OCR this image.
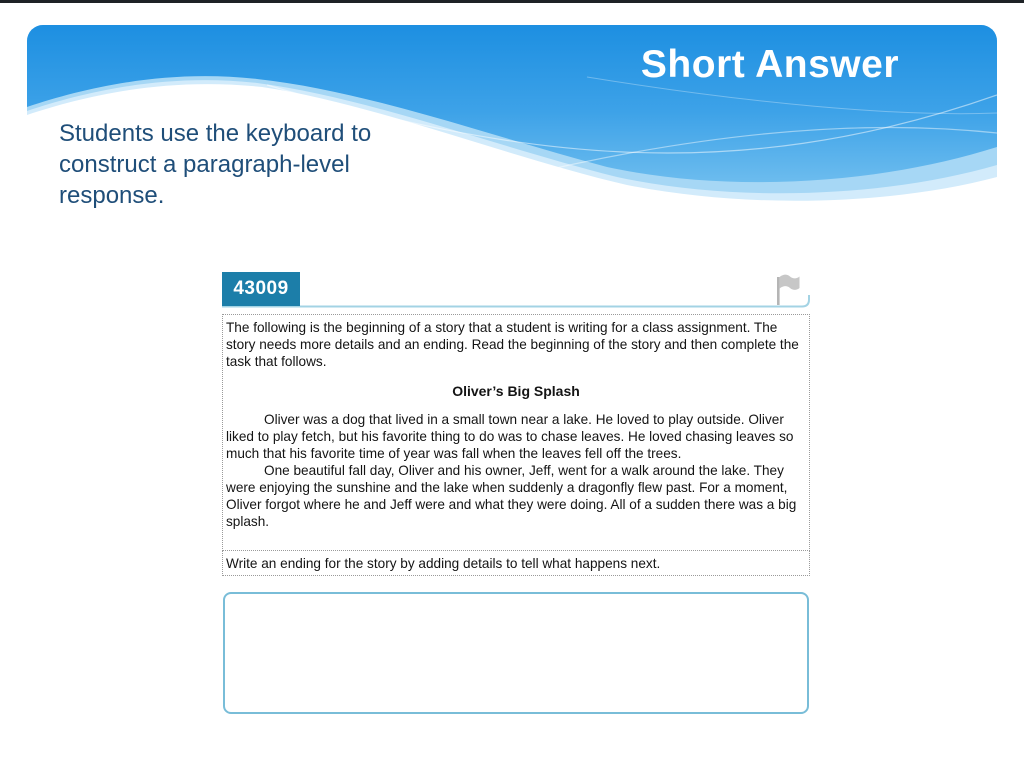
Short Answer
Students use the keyboard to
construct a paragraph-level
response.
43009

The following is the beginning of a story that a student is writing for a class assignment. The story needs more details and an ending. Read the beginning of the story and then complete the task that follows.

Oliver’s Big Splash

Oliver was a dog that lived in a small town near a lake. He loved to play outside. Oliver liked to play fetch, but his favorite thing to do was to chase leaves. He loved chasing leaves so much that his favorite time of year was fall when the leaves fell off the trees.

One beautiful fall day, Oliver and his owner, Jeff, went for a walk around the lake. They were enjoying the sunshine and the lake when suddenly a dragonfly flew past. For a moment, Oliver forgot where he and Jeff were and what they were doing. All of a sudden there was a big splash.

Write an ending for the story by adding details to tell what happens next.
